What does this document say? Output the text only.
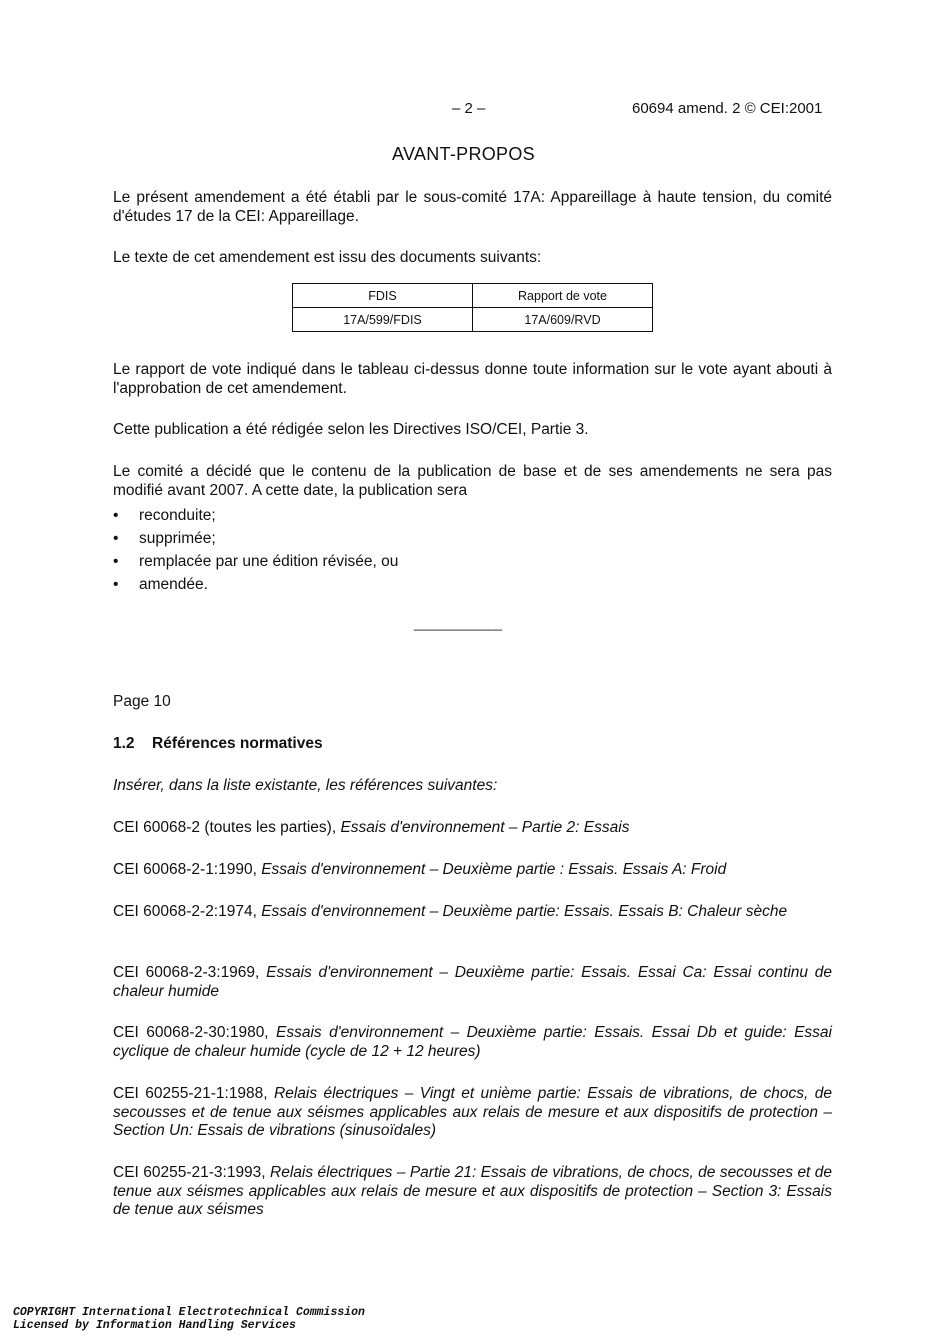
– 2 –	60694 amend. 2 © CEI:2001
AVANT-PROPOS
Le présent amendement a été établi par le sous-comité 17A: Appareillage à haute tension, du comité d'études 17 de la CEI: Appareillage.
Le texte de cet amendement est issu des documents suivants:
FDIS	Rapport de vote
17A/599/FDIS	17A/609/RVD
Le rapport de vote indiqué dans le tableau ci-dessus donne toute information sur le vote ayant abouti à l'approbation de cet amendement.
Cette publication a été rédigée selon les Directives ISO/CEI, Partie 3.
Le comité a décidé que le contenu de la publication de base et de ses amendements ne sera pas modifié avant 2007. A cette date, la publication sera
• reconduite;
• supprimée;
• remplacée par une édition révisée, ou
• amendée.
_____________
Page 10
1.2 Références normatives
Insérer, dans la liste existante, les références suivantes:
CEI 60068-2 (toutes les parties), Essais d'environnement – Partie 2: Essais
CEI 60068-2-1:1990, Essais d'environnement – Deuxième partie : Essais. Essais A: Froid
CEI 60068-2-2:1974, Essais d'environnement – Deuxième partie: Essais. Essais B: Chaleur sèche
CEI 60068-2-3:1969, Essais d'environnement – Deuxième partie: Essais. Essai Ca: Essai continu de chaleur humide
CEI 60068-2-30:1980, Essais d'environnement – Deuxième partie: Essais. Essai Db et guide: Essai cyclique de chaleur humide (cycle de 12 + 12 heures)
CEI 60255-21-1:1988, Relais électriques – Vingt et unième partie: Essais de vibrations, de chocs, de secousses et de tenue aux séismes applicables aux relais de mesure et aux dispositifs de protection – Section Un: Essais de vibrations (sinusoïdales)
CEI 60255-21-3:1993, Relais électriques – Partie 21: Essais de vibrations, de chocs, de secousses et de tenue aux séismes applicables aux relais de mesure et aux dispositifs de protection – Section 3: Essais de tenue aux séismes
COPYRIGHT International Electrotechnical Commission
Licensed by Information Handling Services
